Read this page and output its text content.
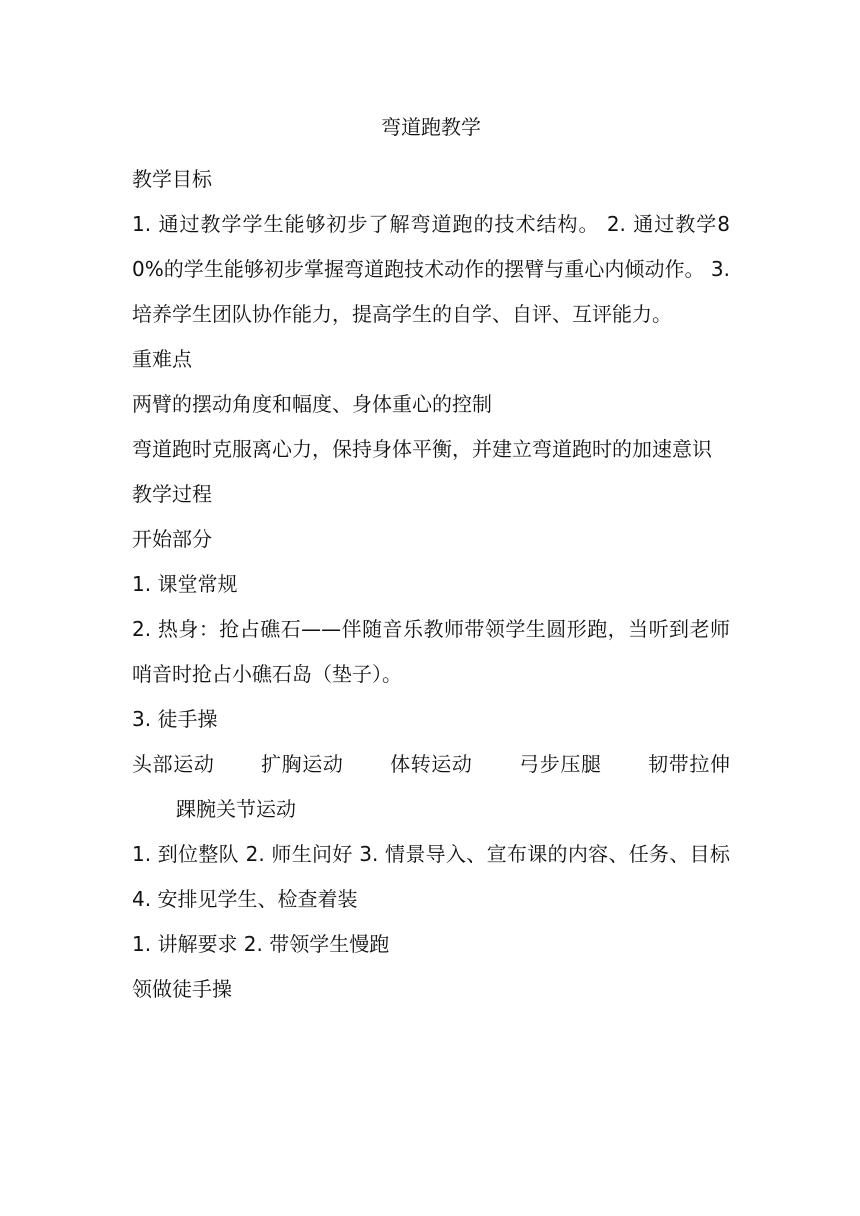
弯道跑教学

教学目标

1. 通过教学学生能够初步了解弯道跑的技术结构。 2. 通过教学80%的学生能够初步掌握弯道跑技术动作的摆臂与重心内倾动作。 3. 培养学生团队协作能力，提高学生的自学、自评、互评能力。

重难点

两臂的摆动角度和幅度、身体重心的控制

弯道跑时克服离心力，保持身体平衡，并建立弯道跑时的加速意识

教学过程

开始部分

1. 课堂常规

2. 热身：抢占礁石——伴随音乐教师带领学生圆形跑，当听到老师哨音时抢占小礁石岛（垫子）。

3. 徒手操

头部运动 扩胸运动 体转运动 弓步压腿 韧带拉伸踝腕关节运动

1. 到位整队 2. 师生问好 3. 情景导入、宣布课的内容、任务、目标 4. 安排见学生、检查着装

1. 讲解要求 2. 带领学生慢跑

领做徒手操
